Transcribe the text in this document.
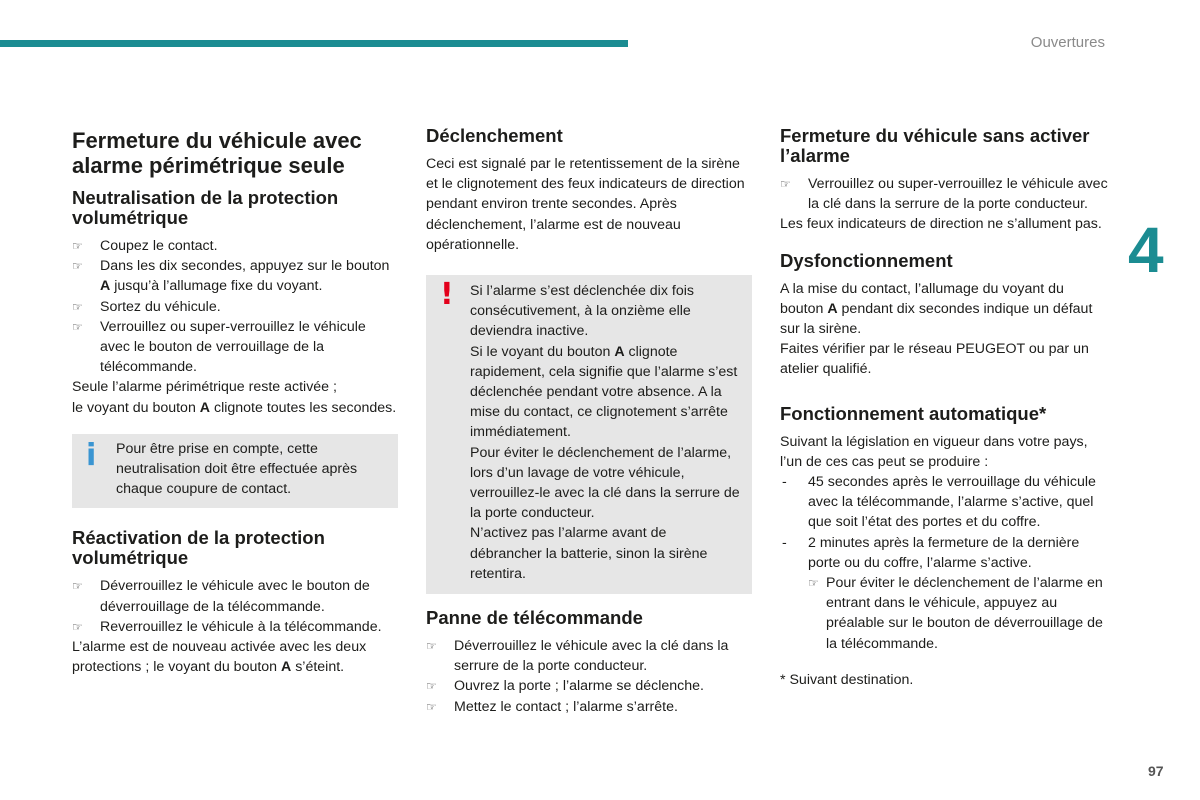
Ouvertures
4
97
Fermeture du véhicule avec alarme périmétrique seule
Neutralisation de la protection volumétrique
☞ Coupez le contact.
☞ Dans les dix secondes, appuyez sur le bouton A jusqu’à l’allumage fixe du voyant.
☞ Sortez du véhicule.
☞ Verrouillez ou super-verrouillez le véhicule avec le bouton de verrouillage de la télécommande.

Seule l’alarme périmétrique reste activée ;

le voyant du bouton A clignote toutes les secondes.

i Pour être prise en compte, cette neutralisation doit être effectuée après chaque coupure de contact.

Réactivation de la protection volumétrique
☞ Déverrouillez le véhicule avec le bouton de déverrouillage de la télécommande.
☞ Reverrouillez le véhicule à la télécommande.

L’alarme est de nouveau activée avec les deux protections ; le voyant du bouton A s’éteint.

Déclenchement

Ceci est signalé par le retentissement de la sirène et le clignotement des feux indicateurs de direction pendant environ trente secondes. Après déclenchement, l’alarme est de nouveau opérationnelle.

! Si l’alarme s’est déclenchée dix fois consécutivement, à la onzième elle deviendra inactive.

Si le voyant du bouton A clignote rapidement, cela signifie que l’alarme s’est déclenchée pendant votre absence. A la mise du contact, ce clignotement s’arrête immédiatement.

Pour éviter le déclenchement de l’alarme, lors d’un lavage de votre véhicule, verrouillez-le avec la clé dans la serrure de la porte conducteur.

N’activez pas l’alarme avant de débrancher la batterie, sinon la sirène retentira.

Panne de télécommande
☞ Déverrouillez le véhicule avec la clé dans la serrure de la porte conducteur.
☞ Ouvrez la porte ; l’alarme se déclenche.
☞ Mettez le contact ; l’alarme s’arrête.
Fermeture du véhicule sans activer l’alarme
☞ Verrouillez ou super-verrouillez le véhicule avec la clé dans la serrure de la porte conducteur.

Les feux indicateurs de direction ne s’allument pas.

Dysfonctionnement

A la mise du contact, l’allumage du voyant du bouton A pendant dix secondes indique un défaut sur la sirène.

Faites vérifier par le réseau PEUGEOT ou par un atelier qualifié.

Fonctionnement automatique*

Suivant la législation en vigueur dans votre pays, l’un de ces cas peut se produire :

- 45 secondes après le verrouillage du véhicule avec la télécommande, l’alarme s’active, quel que soit l’état des portes et du coffre.
- 2 minutes après la fermeture de la dernière porte ou du coffre, l’alarme s’active.
☞ Pour éviter le déclenchement de l’alarme en entrant dans le véhicule, appuyez au préalable sur le bouton de déverrouillage de la télécommande.

* Suivant destination.
